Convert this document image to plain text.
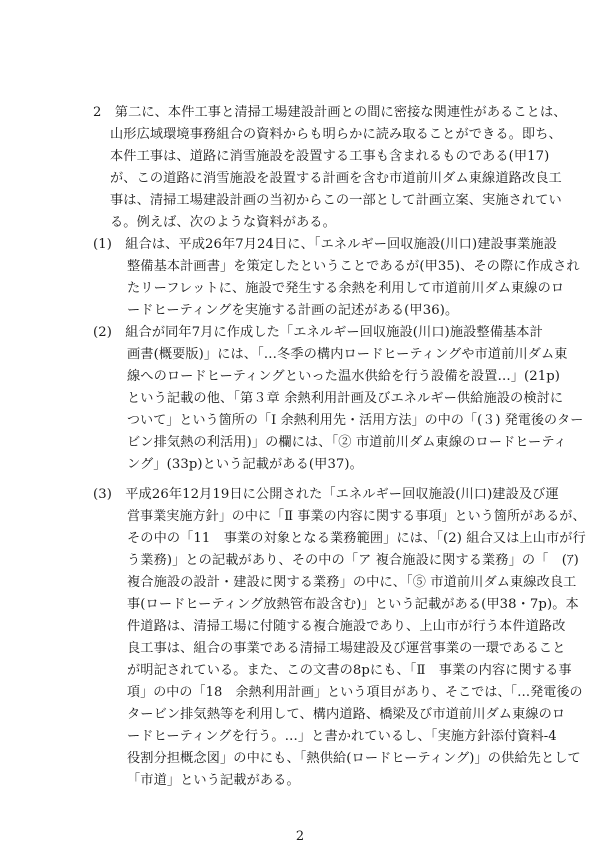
2　第二に、本件工事と清掃工場建設計画との間に密接な関連性があることは、
山形広域環境事務組合の資料からも明らかに読み取ることができる。即ち、
本件工事は、道路に消雪施設を設置する工事も含まれるものである(甲17)
が、この道路に消雪施設を設置する計画を含む市道前川ダム東線道路改良工
事は、清掃工場建設計画の当初からこの一部として計画立案、実施されてい
る。例えば、次のような資料がある。
(1)　組合は、平成26年7月24日に、「エネルギー回収施設(川口)建設事業施設
整備基本計画書」を策定したということであるが(甲35)、その際に作成され
たリーフレットに、施設で発生する余熱を利用して市道前川ダム東線のロ
ードヒーティングを実施する計画の記述がある(甲36)。
(2)　組合が同年7月に作成した「エネルギー回収施設(川口)施設整備基本計
画書(概要版)」には、「…冬季の構内ロードヒーティングや市道前川ダム東
線へのロードヒーティングといった温水供給を行う設備を設置…」(21p)
という記載の他、「第３章 余熱利用計画及びエネルギー供給施設の検討に
ついて」という箇所の「I 余熱利用先・活用方法」の中の「(３) 発電後のター
ビン排気熱の利活用)」の欄には、「② 市道前川ダム東線のロードヒーティ
ング」(33p)という記載がある(甲37)。
(3)　平成26年12月19日に公開された「エネルギー回収施設(川口)建設及び運
営事業実施方針」の中に「Ⅱ 事業の内容に関する事項」という箇所があるが、
その中の「11　事業の対象となる業務範囲」には、「(2) 組合又は上山市が行
う業務)」との記載があり、その中の「ア 複合施設に関する業務」の「　(ｱ)
複合施設の設計・建設に関する業務」の中に、「⑤ 市道前川ダム東線改良工
事(ロードヒーティング放熱管布設含む)」という記載がある(甲38・7p)。本
件道路は、清掃工場に付随する複合施設であり、上山市が行う本件道路改
良工事は、組合の事業である清掃工場建設及び運営事業の一環であること
が明記されている。また、この文書の8pにも、「Ⅱ　事業の内容に関する事
項」の中の「18　余熱利用計画」という項目があり、そこでは、「…発電後の
タービン排気熱等を利用して、構内道路、橋梁及び市道前川ダム東線のロ
ードヒーティングを行う。…」と書かれているし、「実施方針添付資料-4
役割分担概念図」の中にも、「熱供給(ロードヒーティング)」の供給先として
「市道」という記載がある。
2
